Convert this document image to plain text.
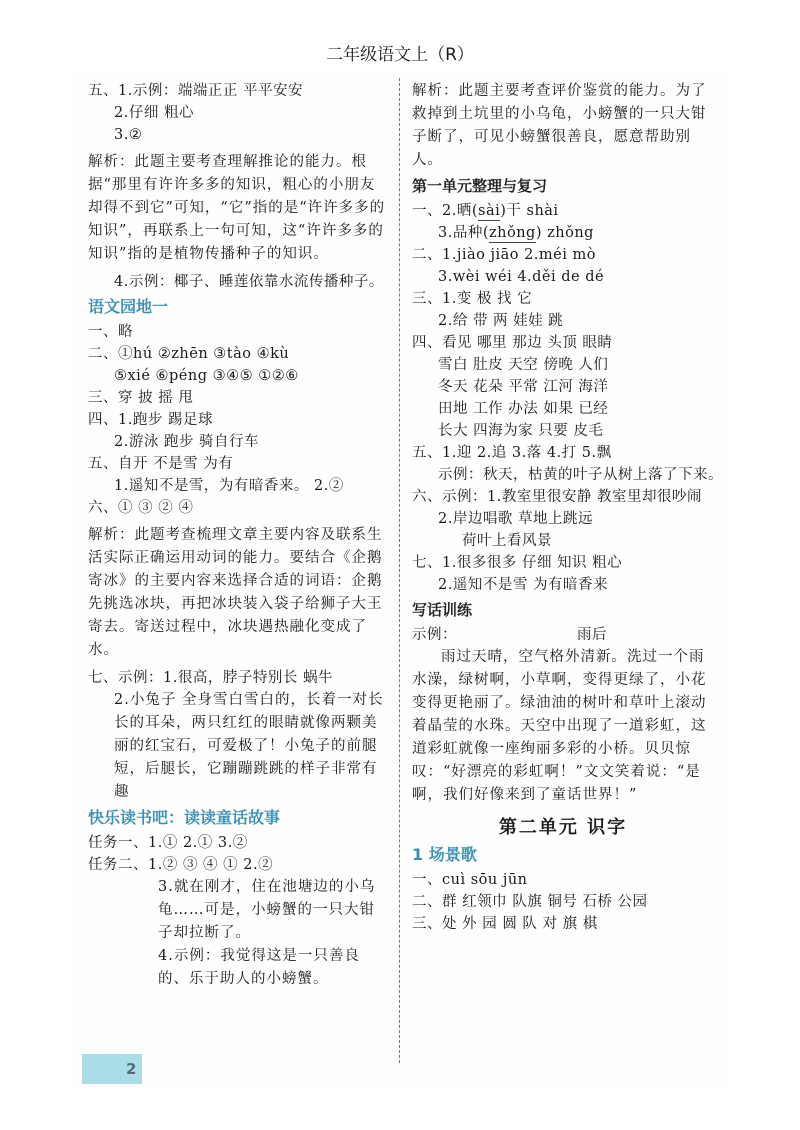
二年级语文上（R）

五、1.示例：端端正正 平平安安

2.仔细 粗心

3.②

解析：此题主要考查理解推论的能力。根据“那里有许许多多的知识，粗心的小朋友却得不到它”可知，“它”指的是“许许多多的知识”，再联系上一句可知，这“许许多多的知识”指的是植物传播种子的知识。

4.示例：椰子、睡莲依靠水流传播种子。

语文园地一

一、略

二、①hú ②zhēn ③tào ④kù

⑤xié ⑥péng ③④⑤ ①②⑥

三、穿 披 摇 甩

四、1.跑步 踢足球

2.游泳 跑步 骑自行车

五、自开 不是雪 为有

1.遥知不是雪，为有暗香来。 2.②

六、① ③ ② ④

解析：此题考查梳理文章主要内容及联系生活实际正确运用动词的能力。要结合《企鹅寄冰》的主要内容来选择合适的词语：企鹅先挑选冰块，再把冰块装入袋子给狮子大王寄去。寄送过程中，冰块遇热融化变成了水。

七、示例：1.很高，脖子特别长 蜗牛

2.小兔子 全身雪白雪白的，长着一对长长的耳朵，两只红红的眼睛就像两颗美丽的红宝石，可爱极了！小兔子的前腿短，后腿长，它蹦蹦跳跳的样子非常有趣

快乐读书吧：读读童话故事

任务一、1.① 2.① 3.②

任务二、1.② ③ ④ ① 2.②

3.就在刚才，住在池塘边的小乌龟……可是，小螃蟹的一只大钳子却拉断了。

4.示例：我觉得这是一只善良的、乐于助人的小螃蟹。

解析：此题主要考查评价鉴赏的能力。为了救掉到土坑里的小乌龟，小螃蟹的一只大钳子断了，可见小螃蟹很善良，愿意帮助别人。

第一单元整理与复习

一、2.晒(sài)干 shài

3.品种(zhǒng) zhǒng

二、1.jiào jiāo 2.méi mò

3.wèi wéi 4.děi de dé

三、1.变 极 找 它

2.给 带 两 娃娃 跳

四、看见 哪里 那边 头顶 眼睛

雪白 肚皮 天空 傍晚 人们

冬天 花朵 平常 江河 海洋

田地 工作 办法 如果 已经

长大 四海为家 只要 皮毛

五、1.迎 2.追 3.落 4.打 5.飘

示例：秋天，枯黄的叶子从树上落了下来。

六、示例：1.教室里很安静 教室里却很吵闹

2.岸边唱歌 草地上跳远

荷叶上看风景

七、1.很多很多 仔细 知识 粗心

2.遥知不是雪 为有暗香来

写话训练

示例：	雨后

雨过天晴，空气格外清新。洗过一个雨水澡，绿树啊，小草啊，变得更绿了，小花变得更艳丽了。绿油油的树叶和草叶上滚动着晶莹的水珠。天空中出现了一道彩虹，这道彩虹就像一座绚丽多彩的小桥。贝贝惊叹：“好漂亮的彩虹啊！”文文笑着说：“是啊，我们好像来到了童话世界！”

第二单元 识字

1 场景歌

一、cuì sōu jūn

二、群 红领巾 队旗 铜号 石桥 公园

三、处 外 园 圆 队 对 旗 棋

2
